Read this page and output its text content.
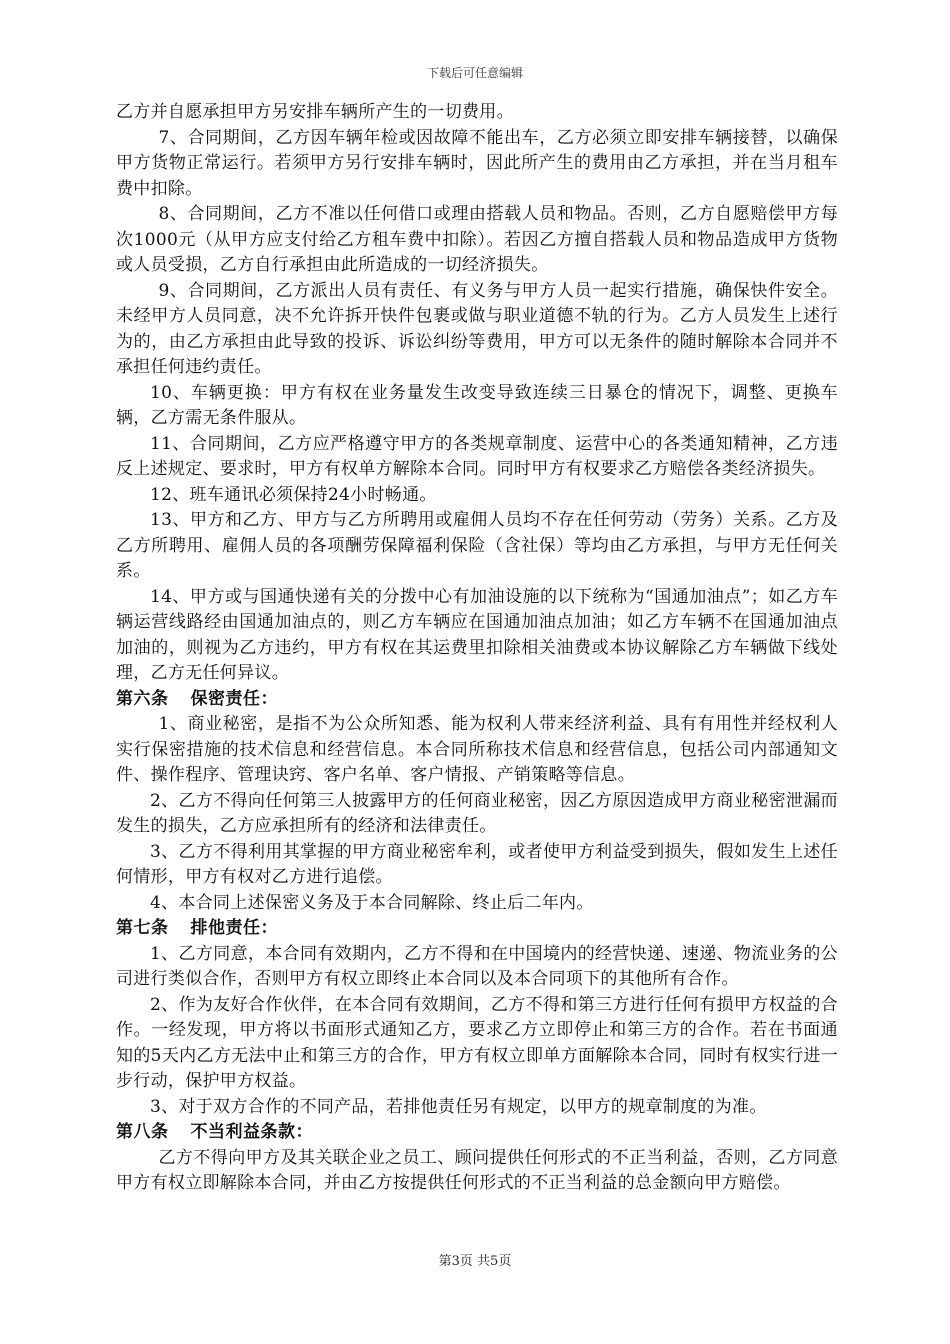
下载后可任意编辑

乙方并自愿承担甲方另安排车辆所产生的一切费用。

7、合同期间，乙方因车辆年检或因故障不能出车，乙方必须立即安排车辆接替，以确保甲方货物正常运行。若须甲方另行安排车辆时，因此所产生的费用由乙方承担，并在当月租车费中扣除。

8、合同期间，乙方不准以任何借口或理由搭载人员和物品。否则，乙方自愿赔偿甲方每次1000元（从甲方应支付给乙方租车费中扣除）。若因乙方擅自搭载人员和物品造成甲方货物或人员受损，乙方自行承担由此所造成的一切经济损失。

9、合同期间，乙方派出人员有责任、有义务与甲方人员一起实行措施，确保快件安全。未经甲方人员同意，决不允许拆开快件包裹或做与职业道德不轨的行为。乙方人员发生上述行为的，由乙方承担由此导致的投诉、诉讼纠纷等费用，甲方可以无条件的随时解除本合同并不承担任何违约责任。

10、车辆更换：甲方有权在业务量发生改变导致连续三日暴仓的情况下，调整、更换车辆，乙方需无条件服从。

11、合同期间，乙方应严格遵守甲方的各类规章制度、运营中心的各类通知精神，乙方违反上述规定、要求时，甲方有权单方解除本合同。同时甲方有权要求乙方赔偿各类经济损失。

12、班车通讯必须保持24小时畅通。

13、甲方和乙方、甲方与乙方所聘用或雇佣人员均不存在任何劳动（劳务）关系。乙方及乙方所聘用、雇佣人员的各项酬劳保障福利保险（含社保）等均由乙方承担，与甲方无任何关系。

14、甲方或与国通快递有关的分拨中心有加油设施的以下统称为“国通加油点”；如乙方车辆运营线路经由国通加油点的，则乙方车辆应在国通加油点加油；如乙方车辆不在国通加油点加油的，则视为乙方违约，甲方有权在其运费里扣除相关油费或本协议解除乙方车辆做下线处理，乙方无任何异议。

第六条 保密责任：

1、商业秘密，是指不为公众所知悉、能为权利人带来经济利益、具有有用性并经权利人实行保密措施的技术信息和经营信息。本合同所称技术信息和经营信息，包括公司内部通知文件、操作程序、管理诀窍、客户名单、客户情报、产销策略等信息。

2、乙方不得向任何第三人披露甲方的任何商业秘密，因乙方原因造成甲方商业秘密泄漏而发生的损失，乙方应承担所有的经济和法律责任。

3、乙方不得利用其掌握的甲方商业秘密牟利，或者使甲方利益受到损失，假如发生上述任何情形，甲方有权对乙方进行追偿。

4、本合同上述保密义务及于本合同解除、终止后二年内。

第七条 排他责任：

1、乙方同意，本合同有效期内，乙方不得和在中国境内的经营快递、速递、物流业务的公司进行类似合作，否则甲方有权立即终止本合同以及本合同项下的其他所有合作。

2、作为友好合作伙伴，在本合同有效期间，乙方不得和第三方进行任何有损甲方权益的合作。一经发现，甲方将以书面形式通知乙方，要求乙方立即停止和第三方的合作。若在书面通知的5天内乙方无法中止和第三方的合作，甲方有权立即单方面解除本合同，同时有权实行进一步行动，保护甲方权益。

3、对于双方合作的不同产品，若排他责任另有规定，以甲方的规章制度的为准。

第八条 不当利益条款：

乙方不得向甲方及其关联企业之员工、顾问提供任何形式的不正当利益，否则，乙方同意甲方有权立即解除本合同，并由乙方按提供任何形式的不正当利益的总金额向甲方赔偿。

第3页 共5页
